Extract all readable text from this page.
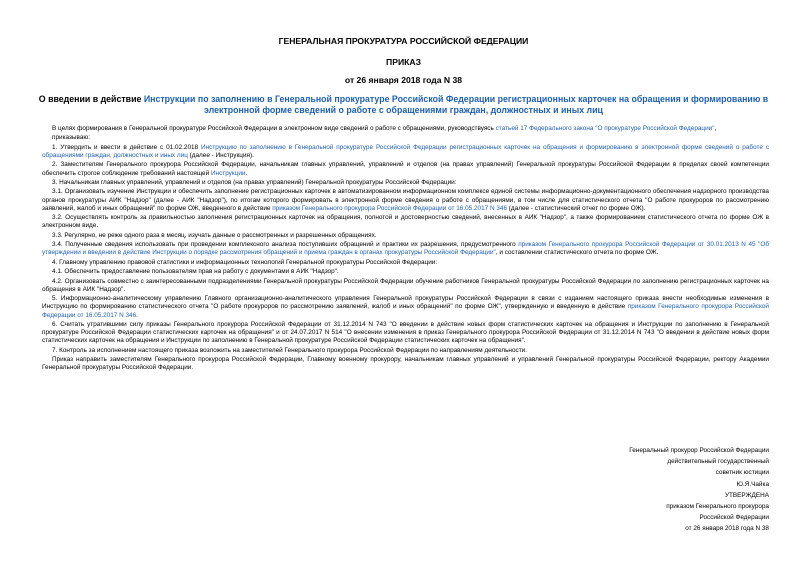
ГЕНЕРАЛЬНАЯ ПРОКУРАТУРА РОССИЙСКОЙ ФЕДЕРАЦИИ
ПРИКАЗ
от 26 января 2018 года N 38
О введении в действие Инструкции по заполнению в Генеральной прокуратуре Российской Федерации регистрационных карточек на обращения и формированию в электронной форме сведений о работе с обращениями граждан, должностных и иных лиц

В целях формирования в Генеральной прокуратуре Российской Федерации в электронном виде сведений о работе с обращениями, руководствуясь статьей 17 Федерального закона "О прокуратуре Российской Федерации",

приказываю:

1. Утвердить и ввести в действие с 01.02.2018 Инструкцию по заполнению в Генеральной прокуратуре Российской Федерации регистрационных карточек на обращения и формированию в электронной форме сведений о работе с обращениями граждан, должностных и иных лиц (далее - Инструкция).

2. Заместителям Генерального прокурора Российской Федерации, начальникам главных управлений, управлений и отделов (на правах управлений) Генеральной прокуратуры Российской Федерации в пределах своей компетенции обеспечить строгое соблюдение требований настоящей Инструкции.

3. Начальникам главных управлений, управлений и отделов (на правах управлений) Генеральной прокуратуры Российской Федерации:

3.1. Организовать изучение Инструкции и обеспечить заполнение регистрационных карточек в автоматизированном информационном комплексе единой системы информационно-документационного обеспечения надзорного производства органов прокуратуры АИК "Надзор" (далее - АИК "Надзор"), по итогам которого формировать в электронной форме сведения о работе с обращениями, в том числе для статистического отчета "О работе прокуроров по рассмотрению заявлений, жалоб и иных обращений" по форме ОЖ, введенного в действие приказом Генерального прокурора Российской Федерации от 16.05.2017 N 346 (далее - статистический отчет по форме ОЖ).

3.2. Осуществлять контроль за правильностью заполнения регистрационных карточек на обращения, полнотой и достоверностью сведений, внесенных в АИК "Надзор", а также формированием статистического отчета по форме ОЖ в электронном виде.

3.3. Регулярно, не реже одного раза в месяц, изучать данные о рассмотренных и разрешенных обращениях.

3.4. Полученные сведения использовать при проведении комплексного анализа поступивших обращений и практики их разрешения, предусмотренного приказом Генерального прокурора Российской Федерации от 30.01.2013 N 45 "Об утверждении и введении в действие Инструкции о порядке рассмотрения обращений и приема граждан в органах прокуратуры Российской Федерации", и составлении статистического отчета по форме ОЖ.

4. Главному управлению правовой статистики и информационных технологий Генеральной прокуратуры Российской Федерации:

4.1. Обеспечить предоставление пользователям прав на работу с документами в АИК "Надзор".

4.2. Организовать совместно с заинтересованными подразделениями Генеральной прокуратуры Российской Федерации обучение работников Генеральной прокуратуры Российской Федерации по заполнению регистрационных карточек на обращения в АИК "Надзор".

5. Информационно-аналитическому управлению Главного организационно-аналитического управления Генеральной прокуратуры Российской Федерации в связи с изданием настоящего приказа внести необходимые изменения в Инструкцию по формированию статистического отчета "О работе прокуроров по рассмотрению заявлений, жалоб и иных обращений" по форме ОЖ", утвержденную и введенную в действие приказом Генерального прокурора Российской Федерации от 16.05.2017 N 346.

6. Считать утратившими силу приказы Генерального прокурора Российской Федерации от 31.12.2014 N 743 "О введении в действие новых форм статистических карточек на обращения и Инструкции по заполнению в Генеральной прокуратуре Российской Федерации статистических карточек на обращения" и от 24.07.2017 N 514 "О внесении изменения в приказ Генерального прокурора Российской Федерации от 31.12.2014 N 743 "О введении в действие новых форм статистических карточек на обращения и Инструкции по заполнению в Генеральной прокуратуре Российской Федерации статистических карточек на обращения".

7. Контроль за исполнением настоящего приказа возложить на заместителей Генерального прокурора Российской Федерации по направлениям деятельности.

Приказ направить заместителям Генерального прокурора Российской Федерации, Главному военному прокурору, начальникам главных управлений и управлений Генеральной прокуратуры Российской Федерации, ректору Академии Генеральной прокуратуры Российской Федерации.

Генеральный прокурор Российской Федерации
действительный государственный
советник юстиции
Ю.Я.Чайка
УТВЕРЖДЕНА
приказом Генерального прокурора
Российской Федерации
от 26 января 2018 года N 38
